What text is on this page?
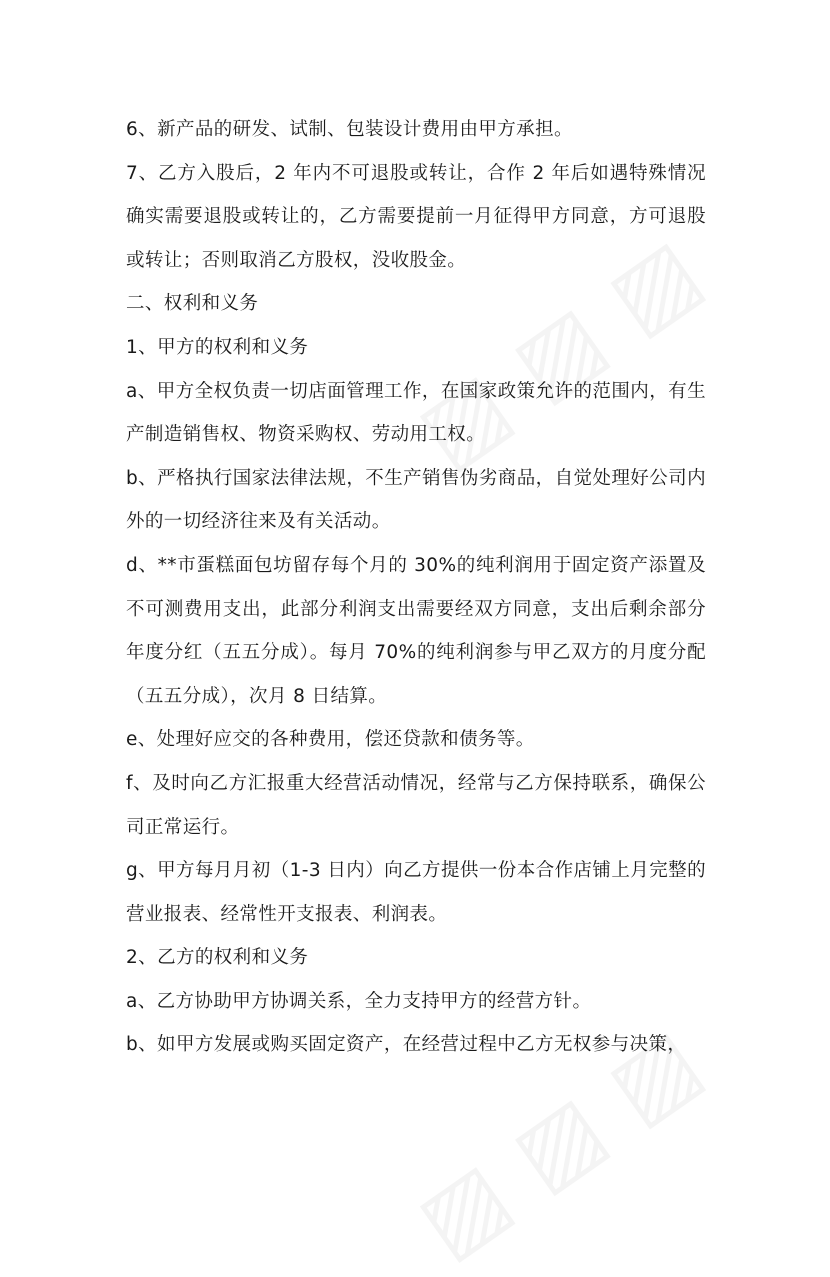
6、新产品的研发、试制、包装设计费用由甲方承担。

7、乙方入股后，2 年内不可退股或转让，合作 2 年后如遇特殊情况确实需要退股或转让的，乙方需要提前一月征得甲方同意，方可退股或转让；否则取消乙方股权，没收股金。

二、权利和义务

1、甲方的权利和义务

a、甲方全权负责一切店面管理工作，在国家政策允许的范围内，有生产制造销售权、物资采购权、劳动用工权。

b、严格执行国家法律法规，不生产销售伪劣商品，自觉处理好公司内外的一切经济往来及有关活动。

d、**市蛋糕面包坊留存每个月的 30%的纯利润用于固定资产添置及不可测费用支出，此部分利润支出需要经双方同意，支出后剩余部分年度分红（五五分成）。每月 70%的纯利润参与甲乙双方的月度分配（五五分成），次月 8 日结算。

e、处理好应交的各种费用，偿还贷款和债务等。

f、及时向乙方汇报重大经营活动情况，经常与乙方保持联系，确保公司正常运行。

g、甲方每月月初（1-3 日内）向乙方提供一份本合作店铺上月完整的营业报表、经常性开支报表、利润表。

2、乙方的权利和义务

a、乙方协助甲方协调关系，全力支持甲方的经营方针。

b、如甲方发展或购买固定资产，在经营过程中乙方无权参与决策，
